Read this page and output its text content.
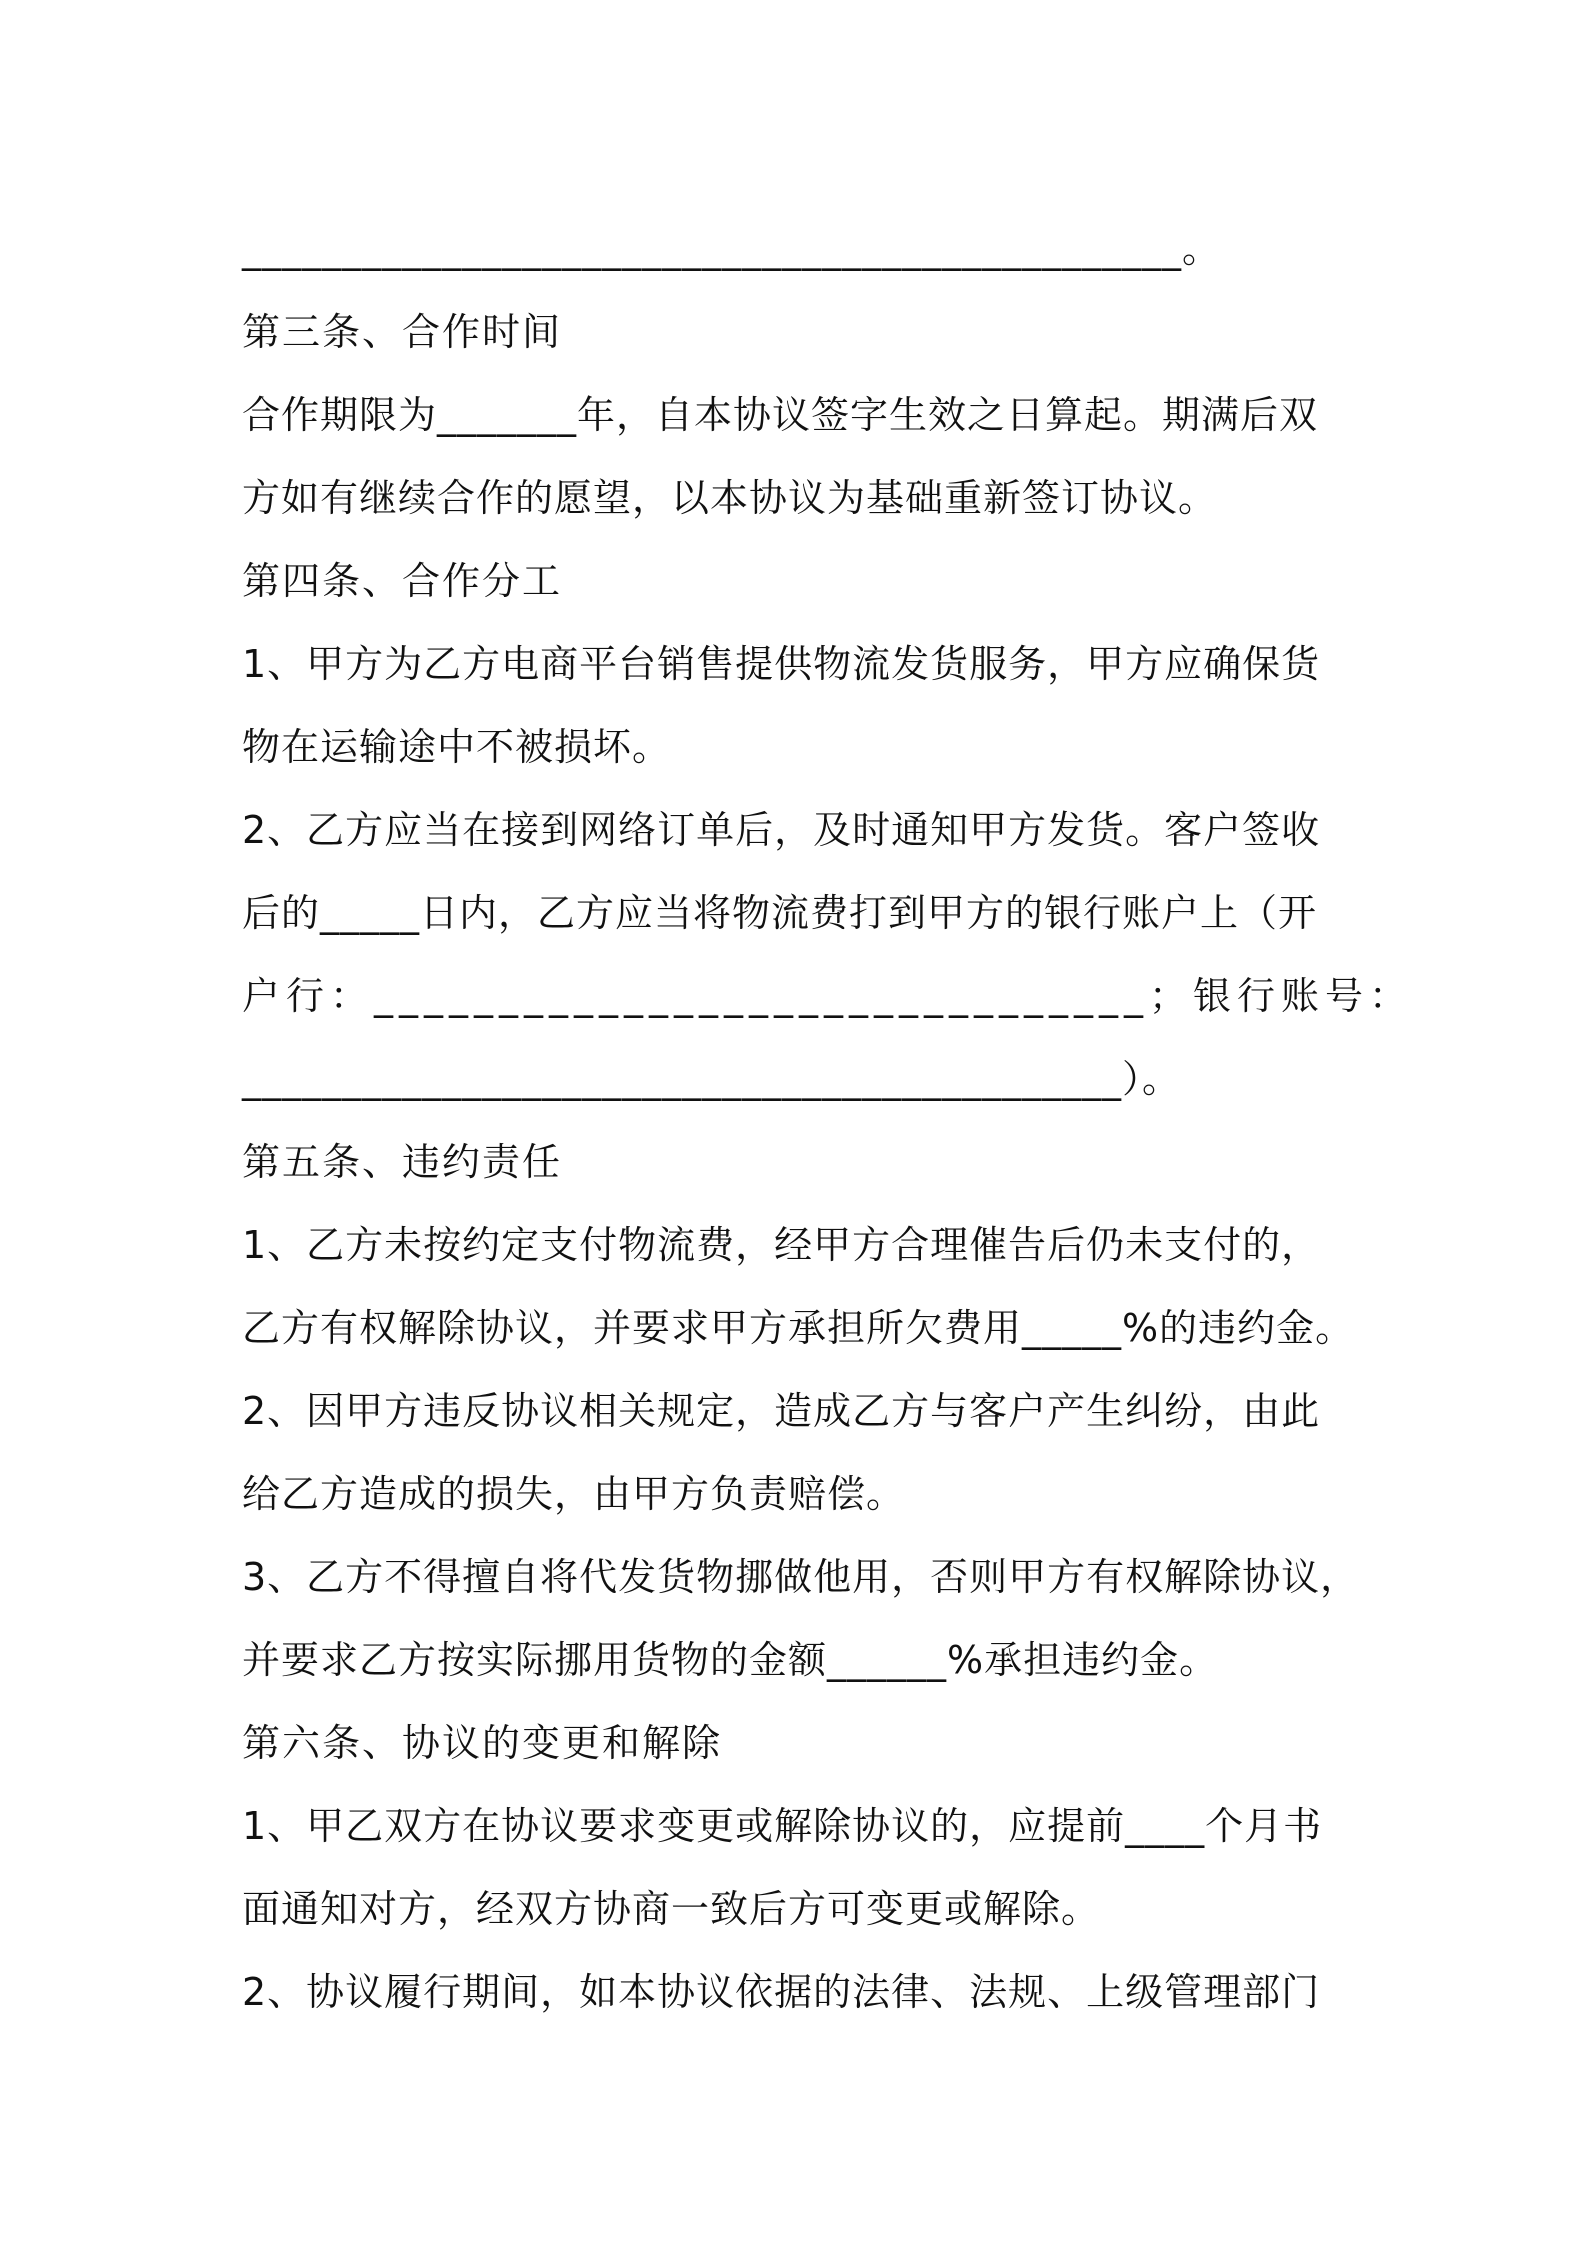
_______________________________________________。
第三条、合作时间
合作期限为_______年，自本协议签字生效之日算起。期满后双
方如有继续合作的愿望，以本协议为基础重新签订协议。
第四条、合作分工
1、甲方为乙方电商平台销售提供物流发货服务，甲方应确保货
物在运输途中不被损坏。
2、乙方应当在接到网络订单后，及时通知甲方发货。客户签收
后的_____日内，乙方应当将物流费打到甲方的银行账户上（开
户行：_______________________________；银行账号：
____________________________________________）。
第五条、违约责任
1、乙方未按约定支付物流费，经甲方合理催告后仍未支付的，
乙方有权解除协议，并要求甲方承担所欠费用_____%的违约金。
2、因甲方违反协议相关规定，造成乙方与客户产生纠纷，由此
给乙方造成的损失，由甲方负责赔偿。
3、乙方不得擅自将代发货物挪做他用，否则甲方有权解除协议，
并要求乙方按实际挪用货物的金额______%承担违约金。
第六条、协议的变更和解除
1、甲乙双方在协议要求变更或解除协议的，应提前____个月书
面通知对方，经双方协商一致后方可变更或解除。
2、协议履行期间，如本协议依据的法律、法规、上级管理部门
